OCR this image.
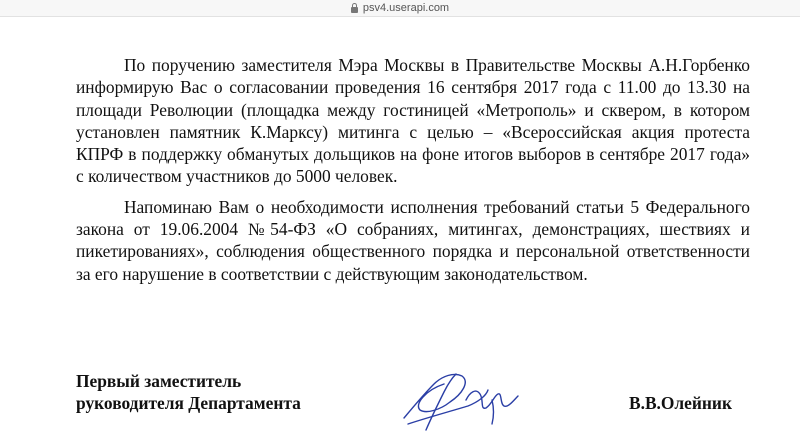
psv4.userapi.com

По поручению заместителя Мэра Москвы в Правительстве Москвы А.Н.Горбенко информирую Вас о согласовании проведения 16 сентября 2017 года с 11.00 до 13.30 на площади Революции (площадка между гостиницей «Метрополь» и сквером, в котором установлен памятник К.Марксу) митинга с целью – «Всероссийская акция протеста КПРФ в поддержку обманутых дольщиков на фоне итогов выборов в сентябре 2017 года» с количеством участников до 5000 человек.

Напоминаю Вам о необходимости исполнения требований статьи 5 Федерального закона от 19.06.2004 №54-ФЗ «О собраниях, митингах, демонстрациях, шествиях и пикетированиях», соблюдения общественного порядка и персональной ответственности за его нарушение в соответствии с действующим законодательством.

Первый заместитель
руководителя Департамента	В.В.Олейник
